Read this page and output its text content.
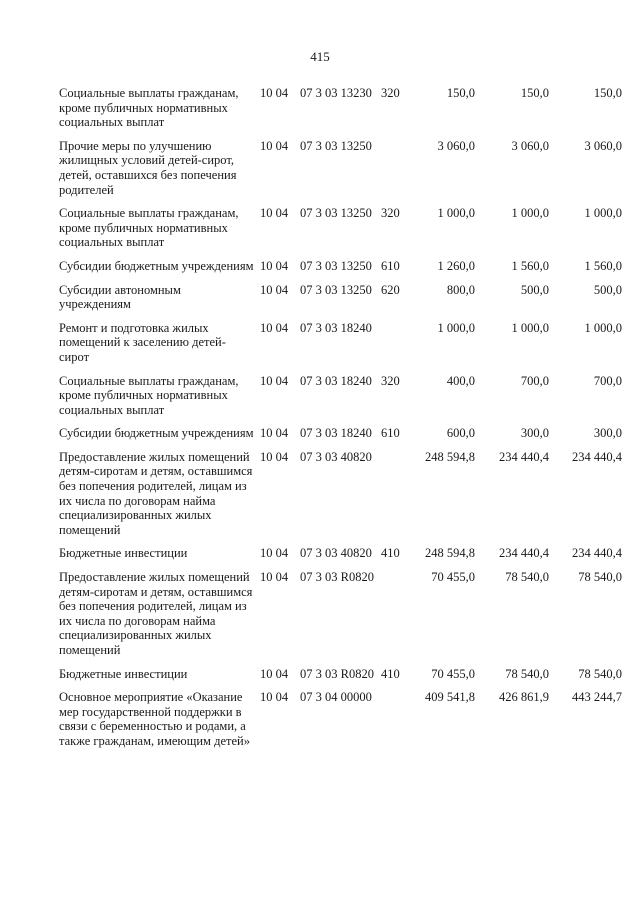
415
Социальные выплаты гражданам, кроме публичных нормативных социальных выплат
10 04 07 3 03 13230 320	150,0	150,0	150,0
Прочие меры по улучшению жилищных условий детей-сирот, детей, оставшихся без попечения родителей
10 04 07 3 03 13250	3 060,0	3 060,0	3 060,0
Социальные выплаты гражданам, кроме публичных нормативных социальных выплат
10 04 07 3 03 13250 320	1 000,0	1 000,0	1 000,0
Субсидии бюджетным учреждениям 10 04 07 3 03 13250 610	1 260,0	1 560,0	1 560,0
Субсидии автономным учреждениям
10 04 07 3 03 13250 620	800,0	500,0	500,0
Ремонт и подготовка жилых помещений к заселению детей-сирот
10 04 07 3 03 18240	1 000,0	1 000,0	1 000,0
Социальные выплаты гражданам, кроме публичных нормативных социальных выплат
10 04 07 3 03 18240 320	400,0	700,0	700,0
Субсидии бюджетным учреждениям 10 04 07 3 03 18240 610	600,0	300,0	300,0
Предоставление жилых помещений детям-сиротам и детям, оставшимся без попечения родителей, лицам из их числа по договорам найма специализированных жилых помещений
10 04 07 3 03 40820	248 594,8	234 440,4	234 440,4
Бюджетные инвестиции	10 04 07 3 03 40820 410	248 594,8	234 440,4	234 440,4
Предоставление жилых помещений детям-сиротам и детям, оставшимся без попечения родителей, лицам из их числа по договорам найма специализированных жилых помещений
10 04 07 3 03 R0820	70 455,0	78 540,0	78 540,0
Бюджетные инвестиции	10 04 07 3 03 R0820 410	70 455,0	78 540,0	78 540,0
Основное мероприятие «Оказание мер государственной поддержки в связи с беременностью и родами, а также гражданам, имеющим детей»
10 04 07 3 04 00000	409 541,8	426 861,9	443 244,7
